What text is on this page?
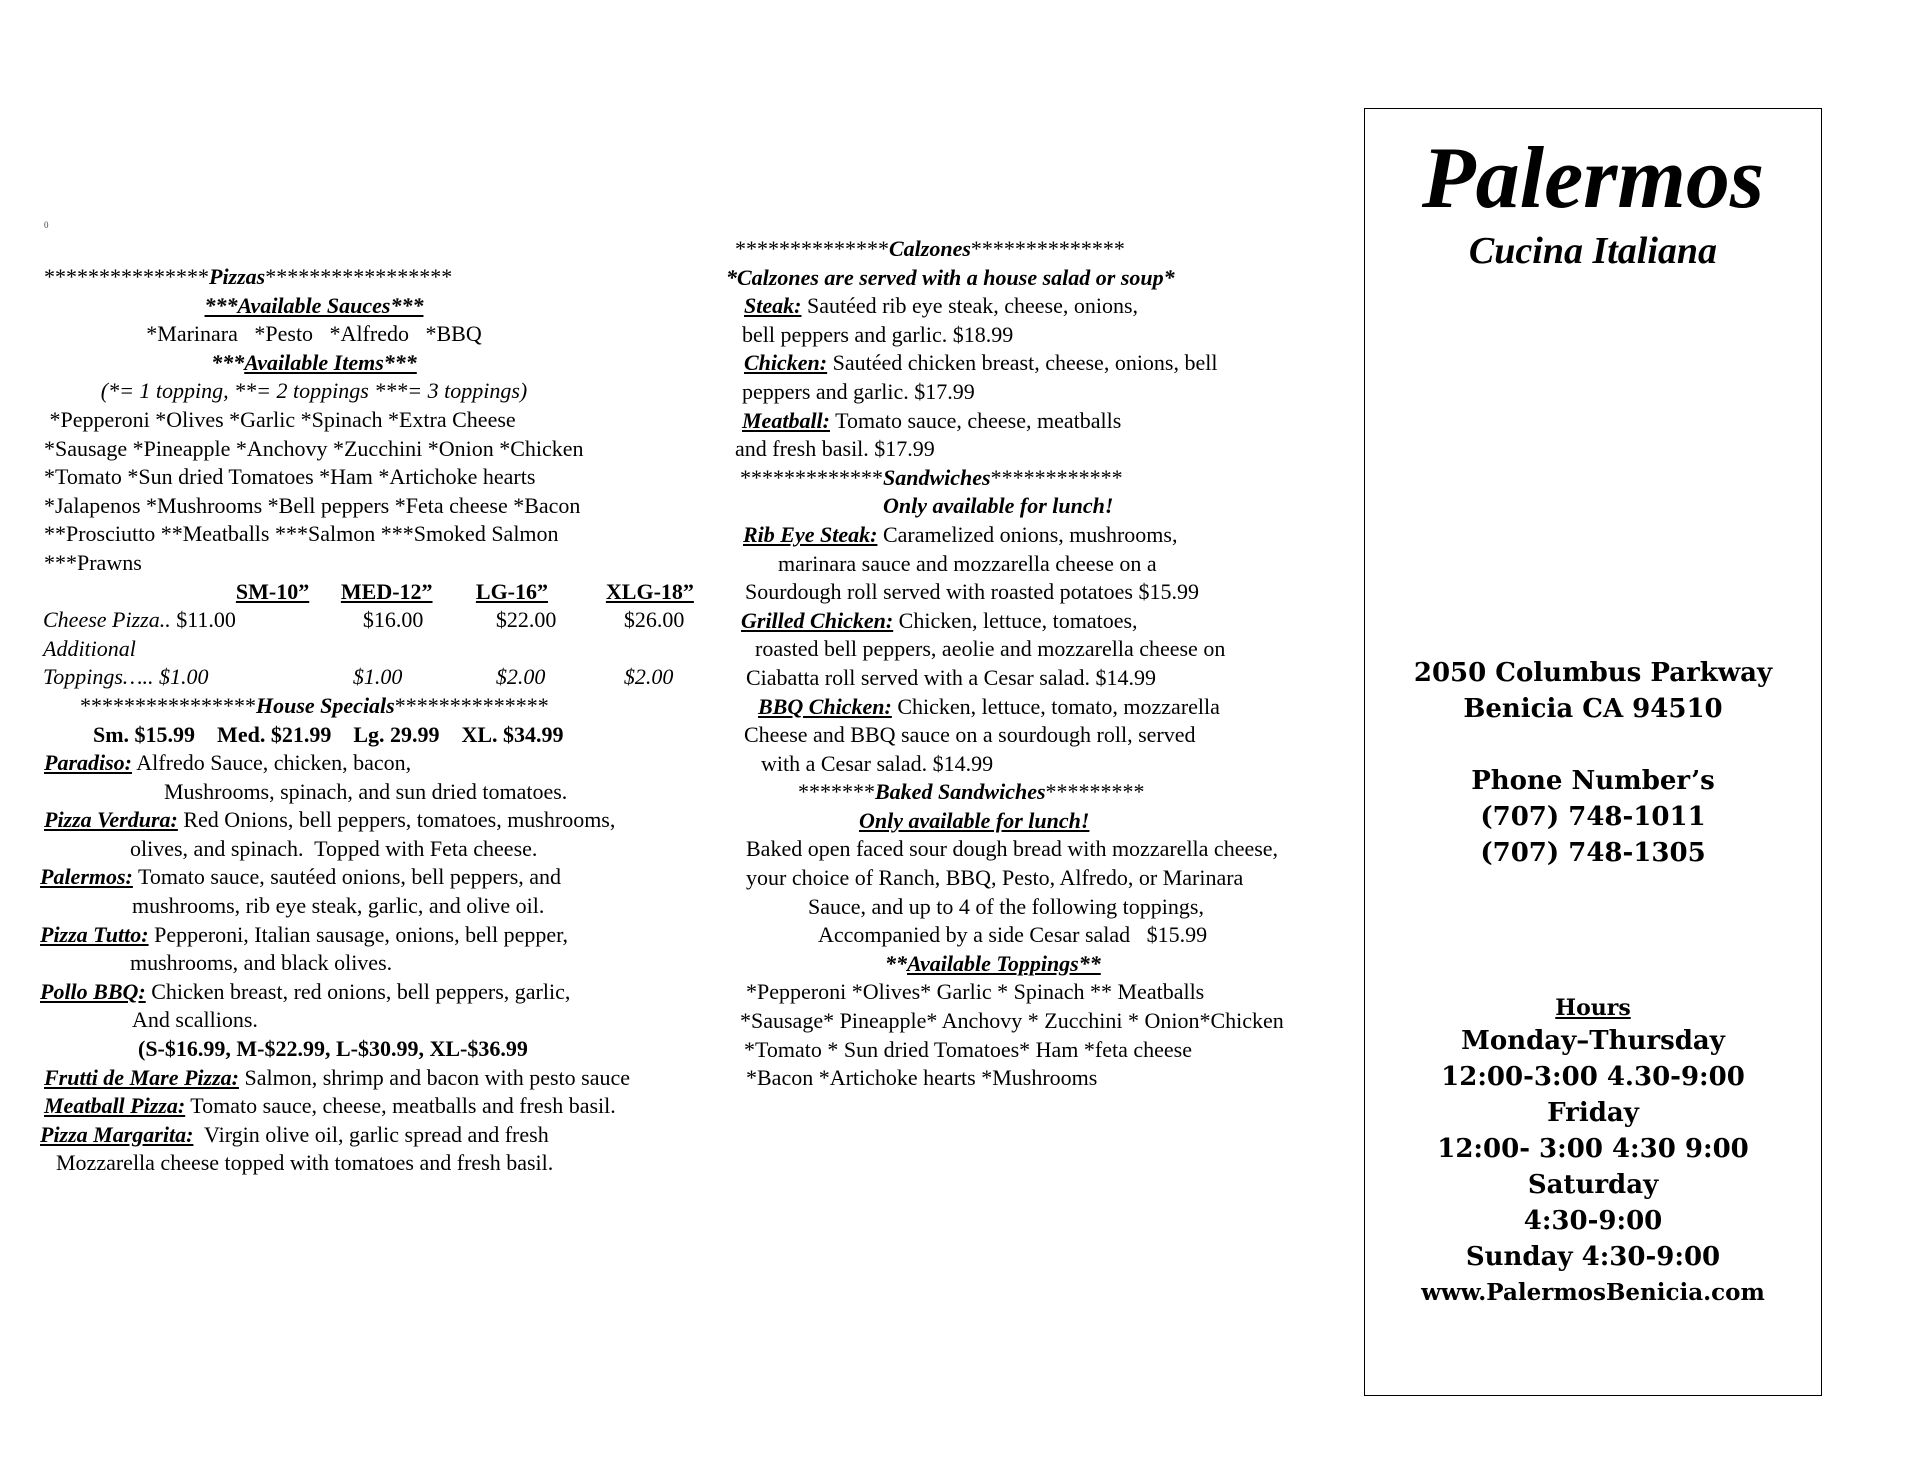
0
***************Pizzas*****************
***Available Sauces***
*Marinara   *Pesto   *Alfredo   *BBQ
***Available Items***
(*= 1 topping, **= 2 toppings ***= 3 toppings)
*Pepperoni *Olives *Garlic *Spinach *Extra Cheese
*Sausage *Pineapple *Anchovy *Zucchini *Onion *Chicken
*Tomato *Sun dried Tomatoes *Ham *Artichoke hearts
*Jalapenos *Mushrooms *Bell peppers *Feta cheese *Bacon
**Prosciutto **Meatballs ***Salmon ***Smoked Salmon
***Prawns
	SM-10”	MED-12”	LG-16”	XLG-18”
Cheese Pizza.. $11.00		$16.00	$22.00	$26.00
Additional				
Toppings….. $1.00		$1.00	$2.00	$2.00
****************House Specials**************
Sm. $15.99    Med. $21.99    Lg. 29.99    XL. $34.99
Paradiso: Alfredo Sauce, chicken, bacon,
Mushrooms, spinach, and sun dried tomatoes.
Pizza Verdura: Red Onions, bell peppers, tomatoes, mushrooms,
olives, and spinach.  Topped with Feta cheese.
Palermos: Tomato sauce, sautéed onions, bell peppers, and
mushrooms, rib eye steak, garlic, and olive oil.
Pizza Tutto: Pepperoni, Italian sausage, onions, bell pepper,
mushrooms, and black olives.
Pollo BBQ: Chicken breast, red onions, bell peppers, garlic,
And scallions.
(S-$16.99, M-$22.99, L-$30.99, XL-$36.99
Frutti de Mare Pizza: Salmon, shrimp and bacon with pesto sauce
Meatball Pizza: Tomato sauce, cheese, meatballs and fresh basil.
Pizza Margarita:  Virgin olive oil, garlic spread and fresh
Mozzarella cheese topped with tomatoes and fresh basil.
**************Calzones**************
*Calzones are served with a house salad or soup*
Steak: Sautéed rib eye steak, cheese, onions,
bell peppers and garlic. $18.99
Chicken: Sautéed chicken breast, cheese, onions, bell
peppers and garlic. $17.99
Meatball: Tomato sauce, cheese, meatballs
and fresh basil. $17.99
*************Sandwiches************
Only available for lunch!
Rib Eye Steak: Caramelized onions, mushrooms,
marinara sauce and mozzarella cheese on a
Sourdough roll served with roasted potatoes $15.99
Grilled Chicken: Chicken, lettuce, tomatoes,
roasted bell peppers, aeolie and mozzarella cheese on
Ciabatta roll served with a Cesar salad. $14.99
BBQ Chicken: Chicken, lettuce, tomato, mozzarella
Cheese and BBQ sauce on a sourdough roll, served
with a Cesar salad. $14.99
*******Baked Sandwiches*********
Only available for lunch!
Baked open faced sour dough bread with mozzarella cheese,
your choice of Ranch, BBQ, Pesto, Alfredo, or Marinara
Sauce, and up to 4 of the following toppings,
Accompanied by a side Cesar salad   $15.99
**Available Toppings**
*Pepperoni *Olives* Garlic * Spinach ** Meatballs
*Sausage* Pineapple* Anchovy * Zucchini * Onion*Chicken
*Tomato * Sun dried Tomatoes* Ham *feta cheese
*Bacon *Artichoke hearts *Mushrooms
Palermos
Cucina Italiana
2050 Columbus Parkway
Benicia CA 94510
Phone Number’s
(707) 748-1011
(707) 748-1305
Hours
Monday–Thursday
12:00-3:00 4.30-9:00
Friday
12:00- 3:00 4:30 9:00
Saturday
4:30-9:00
Sunday 4:30-9:00
www.PalermosBenicia.com
